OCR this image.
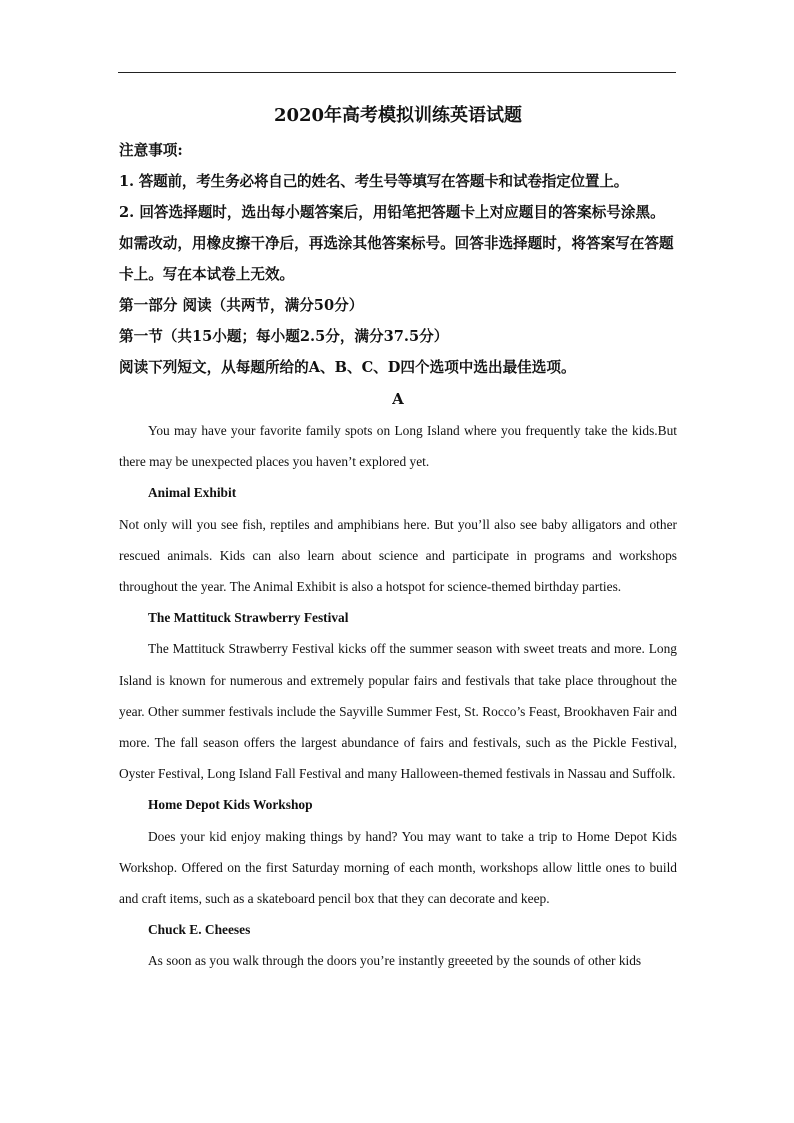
2020年高考模拟训练英语试题

注意事项:

1. 答题前，考生务必将自己的姓名、考生号等填写在答题卡和试卷指定位置上。

2. 回答选择题时，选出每小题答案后，用铅笔把答题卡上对应题目的答案标号涂黑。如需改动，用橡皮擦干净后，再选涂其他答案标号。回答非选择题时，将答案写在答题卡上。写在本试卷上无效。

第一部分 阅读（共两节，满分50分）

第一节（共15小题；每小题2.5分，满分37.5分）

阅读下列短文，从每题所给的A、B、C、D四个选项中选出最佳选项。

A

You may have your favorite family spots on Long Island where you frequently take the kids.But there may be unexpected places you haven’t explored yet.

Animal Exhibit

Not only will you see fish, reptiles and amphibians here. But you’ll also see baby alligators and other rescued animals. Kids can also learn about science and participate in programs and workshops throughout the year. The Animal Exhibit is also a hotspot for science-themed birthday parties.

The Mattituck Strawberry Festival

The Mattituck Strawberry Festival kicks off the summer season with sweet treats and more. Long Island is known for numerous and extremely popular fairs and festivals that take place throughout the year. Other summer festivals include the Sayville Summer Fest, St. Rocco’s Feast, Brookhaven Fair and more. The fall season offers the largest abundance of fairs and festivals, such as the Pickle Festival, Oyster Festival, Long Island Fall Festival and many Halloween-themed festivals in Nassau and Suffolk.

Home Depot Kids Workshop

Does your kid enjoy making things by hand? You may want to take a trip to Home Depot Kids Workshop. Offered on the first Saturday morning of each month, workshops allow little ones to build and craft items, such as a skateboard pencil box that they can decorate and keep.

Chuck E. Cheeses

As soon as you walk through the doors you’re instantly greeeted by the sounds of other kids
